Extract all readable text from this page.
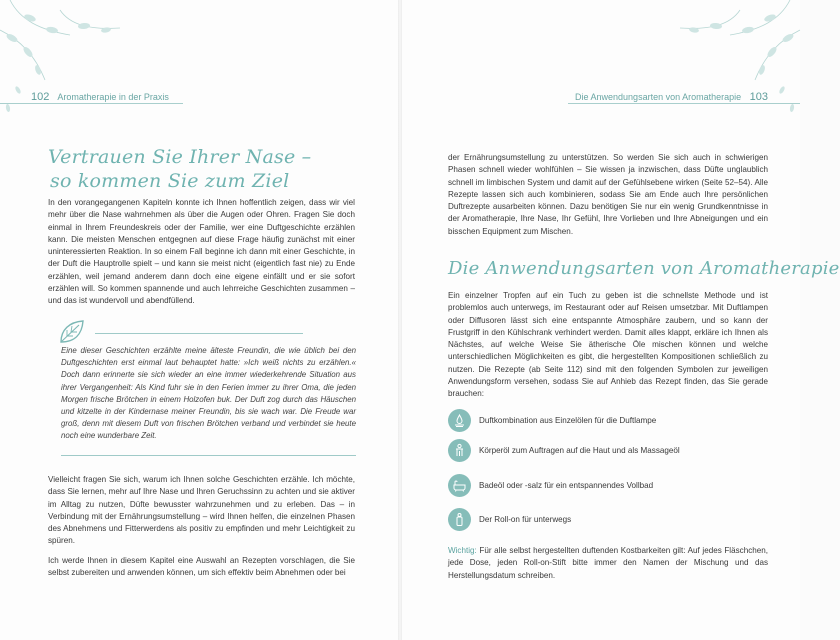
102 Aromatherapie in der Praxis	Die Anwendungsarten von Aromatherapie 103
Vertrauen Sie Ihrer Nase –
so kommen Sie zum Ziel

In den vorangegangenen Kapiteln konnte ich Ihnen hoffentlich zeigen, dass wir viel mehr über die Nase wahrnehmen als über die Augen oder Ohren. Fragen Sie doch einmal in Ihrem Freundeskreis oder der Familie, wer eine Duftgeschichte erzählen kann. Die meisten Menschen entgegnen auf diese Frage häufig zunächst mit einer uninteressierten Reaktion. In so einem Fall beginne ich dann mit einer Geschichte, in der Duft die Hauptrolle spielt – und kann sie meist nicht (eigentlich fast nie) zu Ende erzählen, weil jemand anderem dann doch eine eigene einfällt und er sie sofort erzählen will. So kommen spannende und auch lehrreiche Geschichten zusammen – und das ist wundervoll und abendfüllend.

Eine dieser Geschichten erzählte meine älteste Freundin, die wie üblich bei den Duftgeschichten erst einmal laut behauptet hatte: »Ich weiß nichts zu erzählen.« Doch dann erinnerte sie sich wieder an eine immer wiederkehrende Situation aus ihrer Vergangenheit: Als Kind fuhr sie in den Ferien immer zu ihrer Oma, die jeden Morgen frische Brötchen in einem Holzofen buk. Der Duft zog durch das Häuschen und kitzelte in der Kindernase meiner Freundin, bis sie wach war. Die Freude war groß, denn mit diesem Duft von frischen Brötchen verband und verbindet sie heute noch eine wunderbare Zeit.

Vielleicht fragen Sie sich, warum ich Ihnen solche Geschichten erzähle. Ich möchte, dass Sie lernen, mehr auf Ihre Nase und Ihren Geruchssinn zu achten und sie aktiver im Alltag zu nutzen, Düfte bewusster wahrzunehmen und zu erleben. Das – in Verbindung mit der Ernährungsumstellung – wird Ihnen helfen, die einzelnen Phasen des Abnehmens und Fitterwerdens als positiv zu empfinden und mehr Leichtigkeit zu spüren.

Ich werde Ihnen in diesem Kapitel eine Auswahl an Rezepten vorschlagen, die Sie selbst zubereiten und anwenden können, um sich effektiv beim Abnehmen oder bei

der Ernährungsumstellung zu unterstützen. So werden Sie sich auch in schwierigen Phasen schnell wieder wohlfühlen – Sie wissen ja inzwischen, dass Düfte unglaublich schnell im limbischen System und damit auf der Gefühlsebene wirken (Seite 52–54). Alle Rezepte lassen sich auch kombinieren, sodass Sie am Ende auch Ihre persönlichen Duftrezepte ausarbeiten können. Dazu benötigen Sie nur ein wenig Grundkenntnisse in der Aromatherapie, Ihre Nase, Ihr Gefühl, Ihre Vorlieben und Ihre Abneigungen und ein bisschen Equipment zum Mischen.

Die Anwendungsarten von Aromatherapie

Ein einzelner Tropfen auf ein Tuch zu geben ist die schnellste Methode und ist problemlos auch unterwegs, im Restaurant oder auf Reisen umsetzbar. Mit Duftlampen oder Diffusoren lässt sich eine entspannte Atmosphäre zaubern, und so kann der Frustgriff in den Kühlschrank verhindert werden. Damit alles klappt, erkläre ich Ihnen als Nächstes, auf welche Weise Sie ätherische Öle mischen können und welche unterschiedlichen Möglichkeiten es gibt, die hergestellten Kompositionen schließlich zu nutzen. Die Rezepte (ab Seite 112) sind mit den folgenden Symbolen zur jeweiligen Anwendungsform versehen, sodass Sie auf Anhieb das Rezept finden, das Sie gerade brauchen:

Duftkombination aus Einzelölen für die Duftlampe
Körperöl zum Auftragen auf die Haut und als Massageöl
Badeöl oder -salz für ein entspannendes Vollbad
Der Roll-on für unterwegs

Wichtig: Für alle selbst hergestellten duftenden Kostbarkeiten gilt: Auf jedes Fläschchen, jede Dose, jeden Roll-on-Stift bitte immer den Namen der Mischung und das Herstellungsdatum schreiben.
